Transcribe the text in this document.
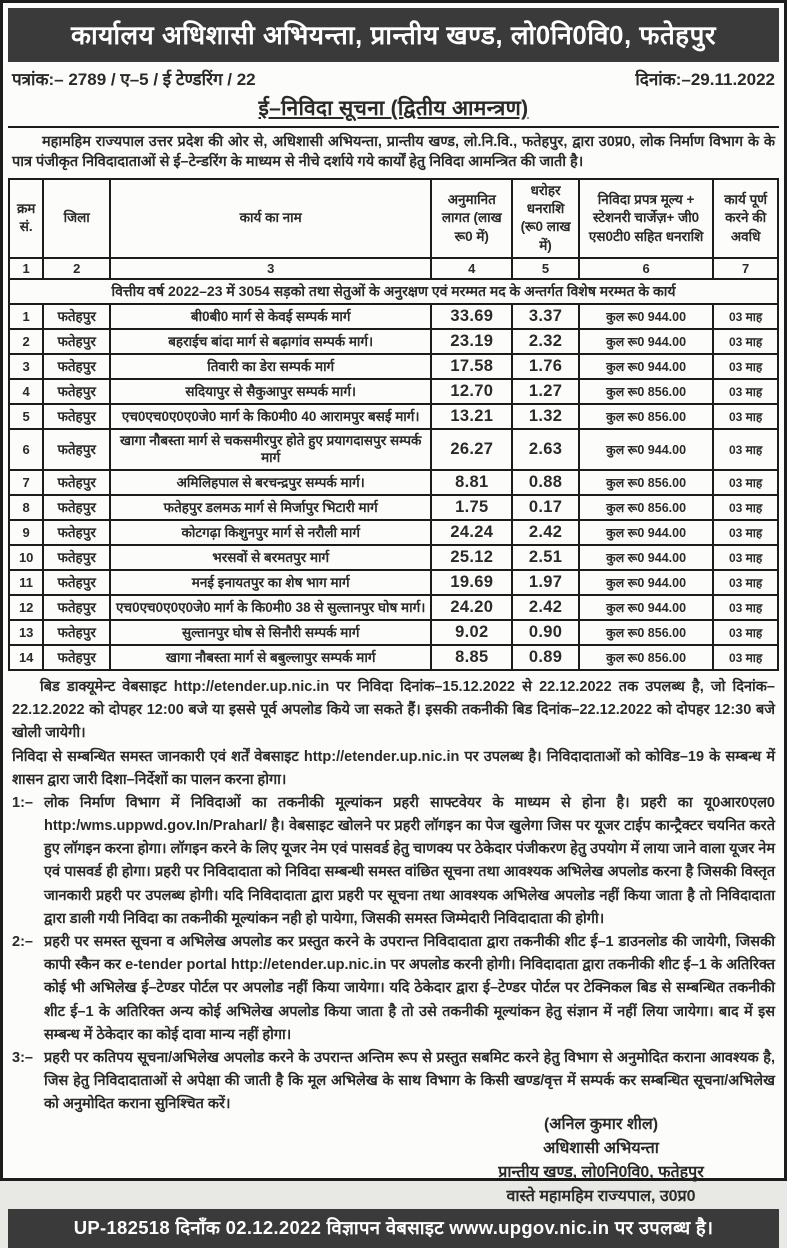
कार्यालय अधिशासी अभियन्ता, प्रान्तीय खण्ड, लो0नि0वि0, फतेहपुर
पत्रांक:– 2789 / ए–5 / ई टेण्डरिंग / 22	दिनांक:–29.11.2022
ई–निविदा सूचना (द्वितीय आमन्त्रण)
महामहिम राज्यपाल उत्तर प्रदेश की ओर से, अधिशासी अभियन्ता, प्रान्तीय खण्ड, लो.नि.वि., फतेहपुर, द्वारा उ0प्र0, लोक निर्माण विभाग के के पात्र पंजीकृत निविदादाताओं से ई–टेन्डरिंग के माध्यम से नीचे दर्शाये गये कार्यों हेतु निविदा आमन्त्रित की जाती है।
क्रम सं.	जिला	कार्य का नाम	अनुमानित लागत (लाख रू0 में)	धरोहर धनराशि (रू0 लाख में)	निविदा प्रपत्र मूल्य + स्टेशनरी चार्जेज़+ जी0 एस0टी0 सहित धनराशि	कार्य पूर्ण करने की अवधि
1	2	3	4	5	6	7
वित्तीय वर्ष 2022–23 में 3054 सड़को तथा सेतुओं के अनुरक्षण एवं मरम्मत मद के अन्तर्गत विशेष मरम्मत के कार्य						
1	फतेहपुर	बी0बी0 मार्ग से केवई सम्पर्क मार्ग	33.69	3.37	कुल रू0 944.00	03 माह
2	फतेहपुर	बहराईच बांदा मार्ग से बढ़ागांव सम्पर्क मार्ग।	23.19	2.32	कुल रू0 944.00	03 माह
3	फतेहपुर	तिवारी का डेरा सम्पर्क मार्ग	17.58	1.76	कुल रू0 944.00	03 माह
4	फतेहपुर	सदियापुर से सैकुआपुर सम्पर्क मार्ग।	12.70	1.27	कुल रू0 856.00	03 माह
5	फतेहपुर	एच0एच0ए0ए0जे0 मार्ग के कि0मी0 40 आरामपुर बसई मार्ग।	13.21	1.32	कुल रू0 856.00	03 माह
6	फतेहपुर	खागा नौबस्ता मार्ग से चकसमीरपुर होते हुए प्रयागदासपुर सम्पर्क मार्ग	26.27	2.63	कुल रू0 944.00	03 माह
7	फतेहपुर	अमिलिहपाल से बरचन्द्रपुर सम्पर्क मार्ग।	8.81	0.88	कुल रू0 856.00	03 माह
8	फतेहपुर	फतेहपुर डलमऊ मार्ग से मिर्जापुर भिटारी मार्ग	1.75	0.17	कुल रू0 856.00	03 माह
9	फतेहपुर	कोटगढ़ा किशुनपुर मार्ग से नरौली मार्ग	24.24	2.42	कुल रू0 944.00	03 माह
10	फतेहपुर	भरसवों से बरमतपुर मार्ग	25.12	2.51	कुल रू0 944.00	03 माह
11	फतेहपुर	मनई इनायतपुर का शेष भाग मार्ग	19.69	1.97	कुल रू0 944.00	03 माह
12	फतेहपुर	एच0एच0ए0ए0जे0 मार्ग के कि0मी0 38 से सुल्तानपुर घोष मार्ग।	24.20	2.42	कुल रू0 944.00	03 माह
13	फतेहपुर	सुल्तानपुर घोष से सिनौरी सम्पर्क मार्ग	9.02	0.90	कुल रू0 856.00	03 माह
14	फतेहपुर	खागा नौबस्ता मार्ग से बबुल्लापुर सम्पर्क मार्ग	8.85	0.89	कुल रू0 856.00	03 माह
बिड डाक्यूमेन्ट वेबसाइट http://etender.up.nic.in पर निविदा दिनांक–15.12.2022 से 22.12.2022 तक उपलब्ध है, जो दिनांक–22.12.2022 को दोपहर 12:00 बजे या इससे पूर्व अपलोड किये जा सकते हैं। इसकी तकनीकी बिड दिनांक–22.12.2022 को दोपहर 12:30 बजे खोली जायेगी।
निविदा से सम्बन्धित समस्त जानकारी एवं शर्तें वेबसाइट http://etender.up.nic.in पर उपलब्ध है। निविदादाताओं को कोविड–19 के सम्बन्ध में शासन द्वारा जारी दिशा–निर्देशों का पालन करना होगा।
1:– लोक निर्माण विभाग में निविदाओं का तकनीकी मूल्यांकन प्रहरी साफ्टवेयर के माध्यम से होना है। प्रहरी का यू0आर0एल0 http:/wms.uppwd.gov.In/Praharl/ है। वेबसाइट खोलने पर प्रहरी लॉगइन का पेज खुलेगा जिस पर यूजर टाईप कान्ट्रैक्टर चयनित करते हुए लॉगइन करना होगा। लॉगइन करने के लिए यूजर नेम एवं पासवर्ड हेतु चाणक्य पर ठेकेदार पंजीकरण हेतु उपयोग में लाया जाने वाला यूजर नेम एवं पासवर्ड ही होगा। प्रहरी पर निविदादाता को निविदा सम्बन्धी समस्त वांछित सूचना तथा आवश्यक अभिलेख अपलोड करना है जिसकी विस्तृत जानकारी प्रहरी पर उपलब्ध होगी। यदि निविदादाता द्वारा प्रहरी पर सूचना तथा आवश्यक अभिलेख अपलोड नहीं किया जाता है तो निविदादाता द्वारा डाली गयी निविदा का तकनीकी मूल्यांकन नही हो पायेगा, जिसकी समस्त जिम्मेदारी निविदादाता की होगी।
2:– प्रहरी पर समस्त सूचना व अभिलेख अपलोड कर प्रस्तुत करने के उपरान्त निविदादाता द्वारा तकनीकी शीट ई–1 डाउनलोड की जायेगी, जिसकी कापी स्कैन कर e-tender portal http://etender.up.nic.in पर अपलोड करनी होगी। निविदादाता द्वारा तकनीकी शीट ई–1 के अतिरिक्त कोई भी अभिलेख ई–टेण्डर पोर्टल पर अपलोड नहीं किया जायेगा। यदि ठेकेदार द्वारा ई–टेण्डर पोर्टल पर टेक्निकल बिड से सम्बन्धित तकनीकी शीट ई–1 के अतिरिक्त अन्य कोई अभिलेख अपलोड किया जाता है तो उसे तकनीकी मूल्यांकन हेतु संज्ञान में नहीं लिया जायेगा। बाद में इस सम्बन्ध में ठेकेदार का कोई दावा मान्य नहीं होगा।
3:– प्रहरी पर कतिपय सूचना/अभिलेख अपलोड करने के उपरान्त अन्तिम रूप से प्रस्तुत सबमिट करने हेतु विभाग से अनुमोदित कराना आवश्यक है, जिस हेतु निविदादाताओं से अपेक्षा की जाती है कि मूल अभिलेख के साथ विभाग के किसी खण्ड/वृत्त में सम्पर्क कर सम्बन्धित सूचना/अभिलेख को अनुमोदित कराना सुनिश्चित करें।
(अनिल कुमार शील)
अधिशासी अभियन्ता
प्रान्तीय खण्ड, लो0नि0वि0, फतेहपुर
वास्ते महामहिम राज्यपाल, उ0प्र0
UP-182518 दिनाँक 02.12.2022 विज्ञापन वेबसाइट www.upgov.nic.in पर उपलब्ध है।
